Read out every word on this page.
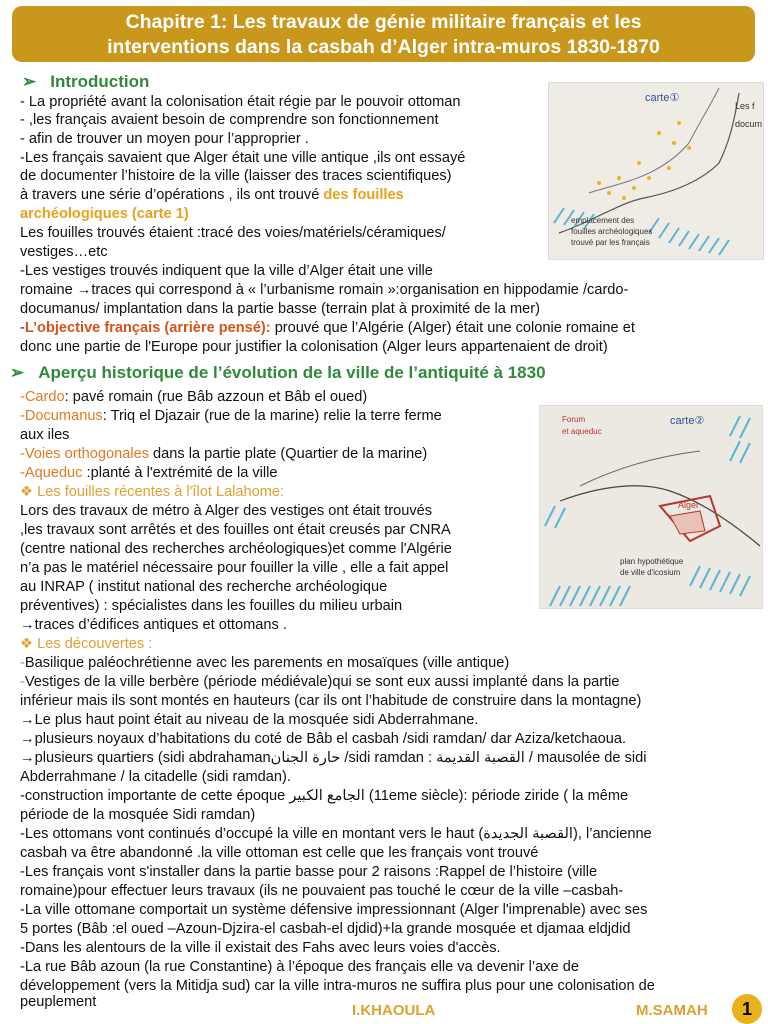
Chapitre 1: Les travaux de génie militaire français et les
interventions dans la casbah d’Alger intra-muros 1830-1870
➢ Introduction
- La propriété avant la colonisation était régie par le pouvoir ottoman
- ,les français avaient besoin de comprendre son fonctionnement
- afin de trouver un moyen pour l’approprier .
-Les français savaient que Alger était une ville antique ,ils ont essayé
de documenter l’histoire de la ville (laisser des traces scientifiques)
à travers une série d’opérations , ils ont trouvé des fouilles
archéologiques (carte 1)
Les fouilles trouvés étaient :tracé des voies/matériels/céramiques/
vestiges…etc
-Les vestiges trouvés indiquent que la ville d’Alger était une ville
romaine →traces qui correspond à « l’urbanisme romain »:organisation en hippodamie /cardo-
documanus/ implantation dans la partie basse (terrain plat à proximité de la mer)
-L’objective français (arrière pensé): prouvé que l’Algérie (Alger) était une colonie romaine et
donc une partie de l'Europe pour justifier la colonisation (Alger leurs appartenaient de droit)
carte①
Les f
docum
emplacement des
fouilles archéologiques
trouvé par les français
➢ Aperçu historique de l’évolution de la ville de l’antiquité à 1830
-Cardo: pavé romain (rue Bâb azzoun et Bâb el oued)
-Documanus: Triq el Djazair (rue de la marine) relie la terre ferme
aux iles
-Voies orthogonales dans la partie plate (Quartier de la marine)
-Aqueduc :planté à l'extrémité de la ville
❖ Les fouilles récentes à l'îlot Lalahome:
Lors des travaux de métro à Alger des vestiges ont était trouvés
,les travaux sont arrêtés et des fouilles ont était creusés par CNRA
(centre national des recherches archéologiques)et comme l'Algérie
n’a pas le matériel nécessaire pour fouiller la ville , elle a fait appel
au INRAP ( institut national des recherche archéologique
préventives) : spécialistes dans les fouilles du milieu urbain
→traces d’édifices antiques et ottomans .
❖ Les découvertes :
-Basilique paléochrétienne avec les parements en mosaïques (ville antique)
-Vestiges de la ville berbère (période médiévale)qui se sont eux aussi implanté dans la partie
inférieur mais ils sont montés en hauteurs (car ils ont l’habitude de construire dans la montagne)
→Le plus haut point était au niveau de la mosquée sidi Abderrahmane.
→plusieurs noyaux d’habitations du coté de Bâb el casbah /sidi ramdan/ dar Aziza/ketchaoua.
→plusieurs quartiers (sidi abdrahamanحارة الجنان /sidi ramdan : القصبة القديمة / mausolée de sidi
Abderrahmane / la citadelle (sidi ramdan).
-construction importante de cette époque الجامع الكبير (11eme siècle): période ziride ( la même
période de la mosquée Sidi ramdan)
-Les ottomans vont continués d’occupé la ville en montant vers le haut (القصبة الجديدة), l’ancienne
casbah va être abandonné .la ville ottoman est celle que les français vont trouvé
-Les français vont s'installer dans la partie basse pour 2 raisons :Rappel de l’histoire (ville
romaine)pour effectuer leurs travaux (ils ne pouvaient pas touché le cœur de la ville –casbah-
-La ville ottomane comportait un système défensive impressionnant (Alger l'imprenable) avec ses
5 portes (Bâb :el oued –Azoun-Djzira-el casbah-el djdid)+la grande mosquée et djamaa eldjdid
-Dans les alentours de la ville il existait des Fahs avec leurs voies d'accès.
-La rue Bâb azoun (la rue Constantine) à l’époque des français elle va devenir l’axe de
développement (vers la Mitidja sud) car la ville intra-muros ne suffira plus pour une colonisation de
peuplement
carte②
Forum
et aqueduc
plan hypothétique
de ville d'icosium
Alger
I.KHAOULA	M.SAMAH	1
